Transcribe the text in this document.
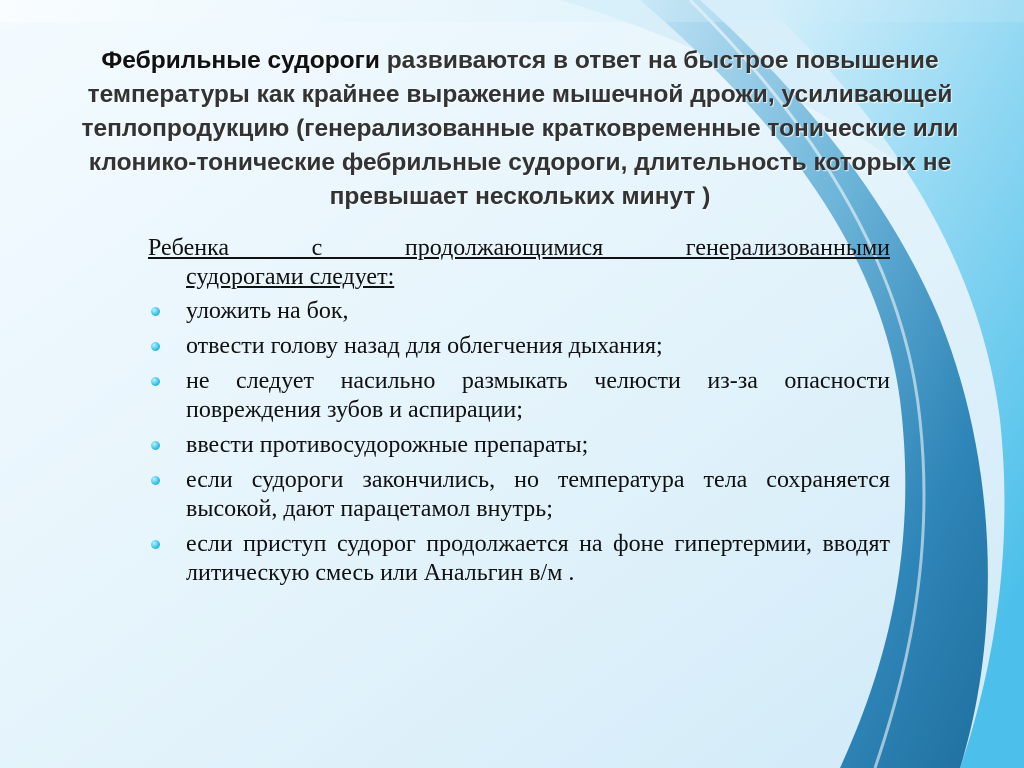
Фебрильные судороги развиваются в ответ на быстрое повышение температуры как крайнее выражение мышечной дрожи, усиливающей теплопродукцию (генерализованные кратковременные тонические или клонико-тонические фебрильные судороги, длительность которых не превышает нескольких минут )
Ребенка с продолжающимися генерализованными
судорогами следует:
уложить на бок,
отвести голову назад для облегчения дыхания;
не следует насильно размыкать челюсти из-за опасности повреждения зубов и аспирации;
ввести противосудорожные препараты;
если судороги закончились, но температура тела сохраняется высокой, дают парацетамол внутрь;
если приступ судорог продолжается на фоне гипертермии, вводят литическую смесь или Анальгин в/м .
